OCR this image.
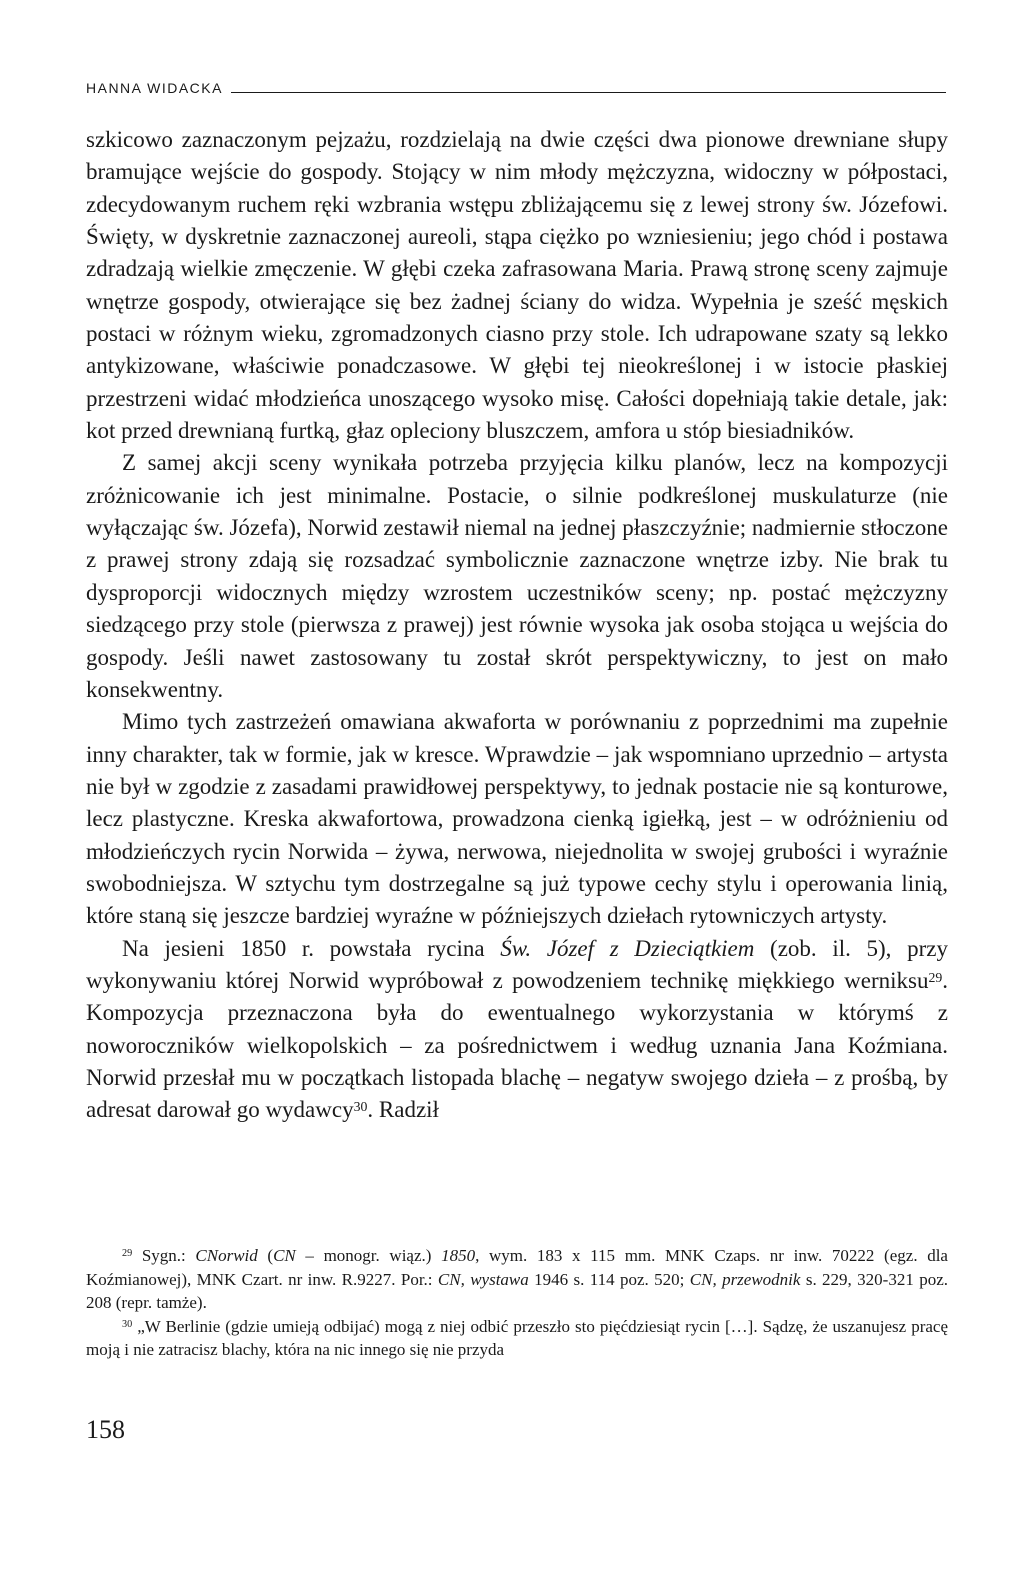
HANNA WIDACKA

szkicowo zaznaczonym pejzażu, rozdzielają na dwie części dwa pionowe drewniane słupy bramujące wejście do gospody. Stojący w nim młody mężczyzna, widoczny w półpostaci, zdecydowanym ruchem ręki wzbrania wstępu zbliżającemu się z lewej strony św. Józefowi. Święty, w dyskretnie zaznaczonej aureoli, stąpa ciężko po wzniesieniu; jego chód i postawa zdradzają wielkie zmęczenie. W głębi czeka zafrasowana Maria. Prawą stronę sceny zajmuje wnętrze gospody, otwierające się bez żadnej ściany do widza. Wypełnia je sześć męskich postaci w różnym wieku, zgromadzonych ciasno przy stole. Ich udrapowane szaty są lekko antykizowane, właściwie ponadczasowe. W głębi tej nieokreślonej i w istocie płaskiej przestrzeni widać młodzieńca unoszącego wysoko misę. Całości dopełniają takie detale, jak: kot przed drewnianą furtką, głaz opleciony bluszczem, amfora u stóp biesiadników.

Z samej akcji sceny wynikała potrzeba przyjęcia kilku planów, lecz na kompozycji zróżnicowanie ich jest minimalne. Postacie, o silnie podkreślonej muskulaturze (nie wyłączając św. Józefa), Norwid zestawił niemal na jednej płaszczyźnie; nadmiernie stłoczone z prawej strony zdają się rozsadzać symbolicznie zaznaczone wnętrze izby. Nie brak tu dysproporcji widocznych między wzrostem uczestników sceny; np. postać mężczyzny siedzącego przy stole (pierwsza z prawej) jest równie wysoka jak osoba stojąca u wejścia do gospody. Jeśli nawet zastosowany tu został skrót perspektywiczny, to jest on mało konsekwentny.

Mimo tych zastrzeżeń omawiana akwaforta w porównaniu z poprzednimi ma zupełnie inny charakter, tak w formie, jak w kresce. Wprawdzie – jak wspomniano uprzednio – artysta nie był w zgodzie z zasadami prawidłowej perspektywy, to jednak postacie nie są konturowe, lecz plastyczne. Kreska akwafortowa, prowadzona cienką igiełką, jest – w odróżnieniu od młodzieńczych rycin Norwida – żywa, nerwowa, niejednolita w swojej grubości i wyraźnie swobodniejsza. W sztychu tym dostrzegalne są już typowe cechy stylu i operowania linią, które staną się jeszcze bardziej wyraźne w późniejszych dziełach rytowniczych artysty.

Na jesieni 1850 r. powstała rycina Św. Józef z Dzieciątkiem (zob. il. 5), przy wykonywaniu której Norwid wypróbował z powodzeniem technikę miękkiego werniksu$^{29}$. Kompozycja przeznaczona była do ewentualnego wykorzystania w którymś z noworoczników wielkopolskich – za pośrednictwem i według uznania Jana Koźmiana. Norwid przesłał mu w początkach listopada blachę – negatyw swojego dzieła – z prośbą, by adresat darował go wydawcy$^{30}$. Radził

$^{29}$ Sygn.: CNorwid (CN – monogr. wiąz.) 1850, wym. 183 x 115 mm. MNK Czaps. nr inw. 70222 (egz. dla Koźmianowej), MNK Czart. nr inw. R.9227. Por.: CN, wystawa 1946 s. 114 poz. 520; CN, przewodnik s. 229, 320-321 poz. 208 (repr. tamże).

$^{30}$ „W Berlinie (gdzie umieją odbijać) mogą z niej odbić przeszło sto pięćdziesiąt rycin […]. Sądzę, że uszanujesz pracę moją i nie zatracisz blachy, która na nic innego się nie przyda

158
